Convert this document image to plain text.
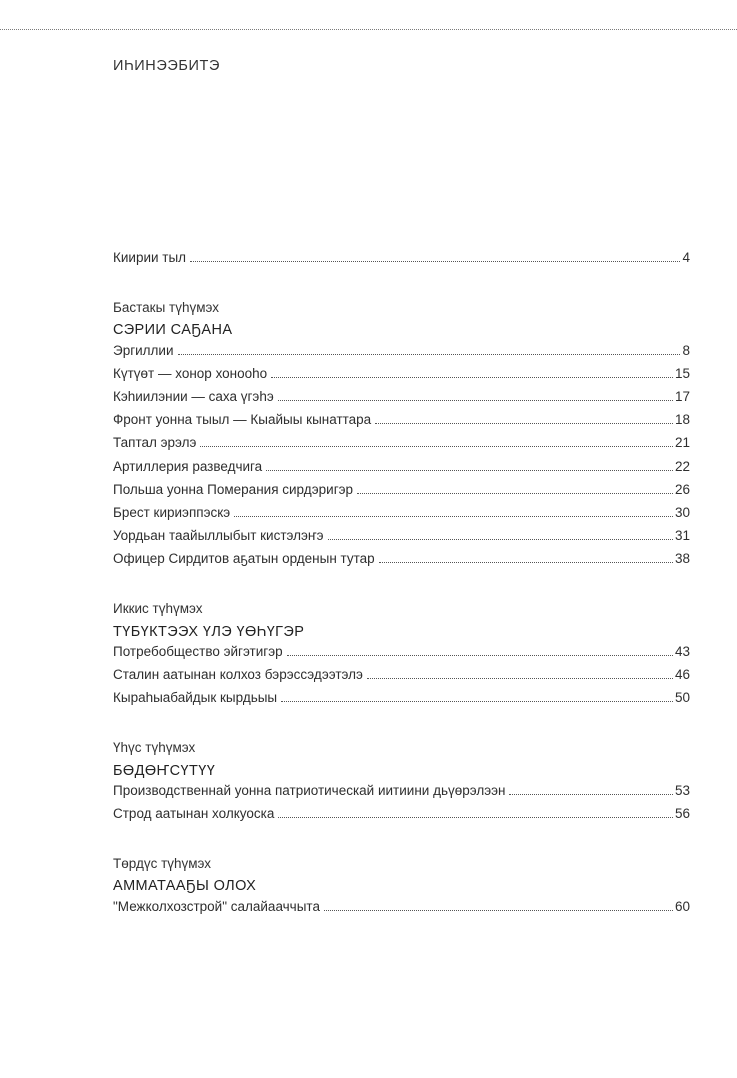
ИҺИНЭЭБИТЭ
Киирии тыл	4
Бастакы түһүмэх
СЭРИИ САҔАНА
Эргиллии	8
Күтүөт — хонор хонооһо	15
Кэһиилэнии — саха үгэһэ	17
Фронт уонна тыыл — Кыайыы кынаттара	18
Таптал эрэлэ	21
Артиллерия разведчига	22
Польша уонна Померания сирдэригэр	26
Брест кириэппэскэ	30
Уордьан таайыллыбыт кистэлэҥэ	31
Офицер Сирдитов аҕатын орденын тутар	38
Иккис түһүмэх
ТҮБҮКТЭЭХ ҮЛЭ ҮӨҺҮГЭР
Потребобщество эйгэтигэр	43
Сталин аатынан колхоз бэрэссэдээтэлэ	46
Кыраһыабайдык кырдьыы	50
Үһүс түһүмэх
БӨДӨҤСҮТҮҮ
Производственнай уонна патриотическай иитиини дьүөрэлээн	53
Строд аатынан холкуоска	56
Төрдүс түһүмэх
АММАТААҔЫ ОЛОХ
"Межколхозстрой" салайааччыта	60
